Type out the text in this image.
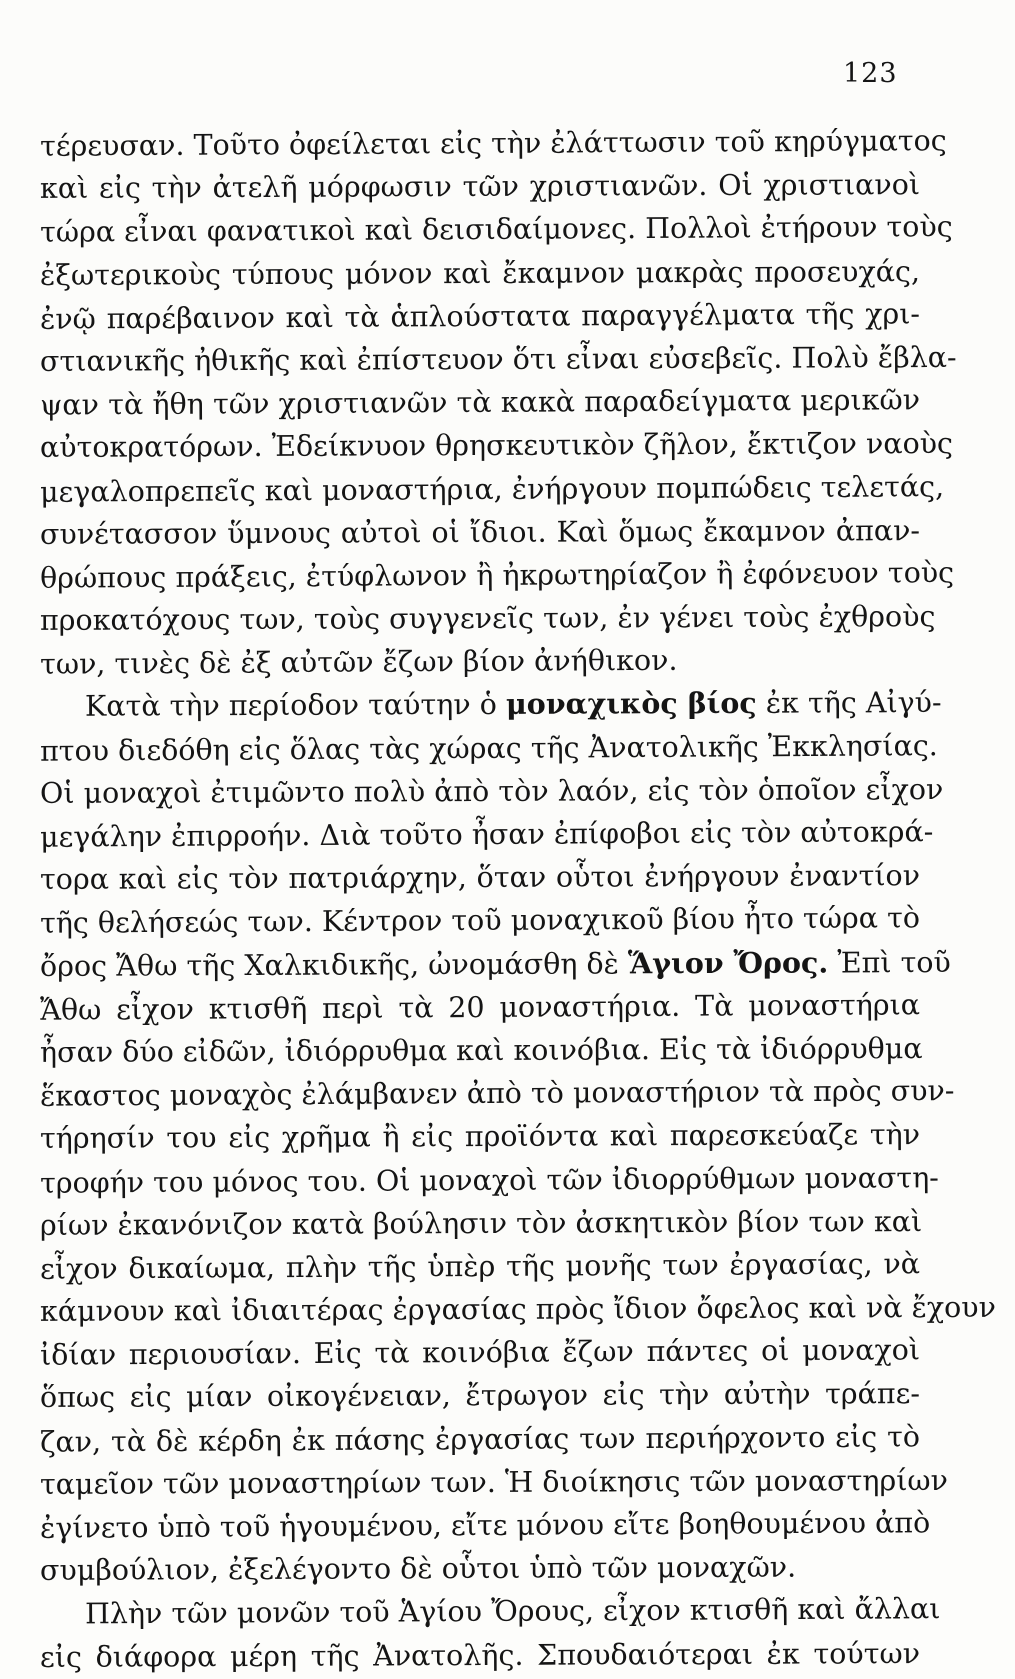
123
τέρευσαν. Τοῦτο ὀφείλεται εἰς τὴν ἐλάττωσιν τοῦ κηρύγματος
καὶ εἰς τὴν ἀτελῆ μόρφωσιν τῶν χριστιανῶν. Οἱ χριστιανοὶ
τώρα εἶναι φανατικοὶ καὶ δεισιδαίμονες. Πολλοὶ ἐτήρουν τοὺς
ἐξωτερικοὺς τύπους μόνον καὶ ἔκαμνον μακρὰς προσευχάς,
ἐνῷ παρέβαινον καὶ τὰ ἁπλούστατα παραγγέλματα τῆς χρι-
στιανικῆς ἠθικῆς καὶ ἐπίστευον ὅτι εἶναι εὐσεβεῖς. Πολὺ ἔβλα-
ψαν τὰ ἤθη τῶν χριστιανῶν τὰ κακὰ παραδείγματα μερικῶν
αὐτοκρατόρων. Ἐδείκνυον θρησκευτικὸν ζῆλον, ἔκτιζον ναοὺς
μεγαλοπρεπεῖς καὶ μοναστήρια, ἐνήργουν πομπώδεις τελετάς,
συνέτασσον ὕμνους αὐτοὶ οἱ ἴδιοι. Καὶ ὅμως ἔκαμνον ἀπαν-
θρώπους πράξεις, ἐτύφλωνον ἢ ἠκρωτηρίαζον ἢ ἐφόνευον τοὺς
προκατόχους των, τοὺς συγγενεῖς των, ἐν γένει τοὺς ἐχθροὺς
των, τινὲς δὲ ἐξ αὐτῶν ἔζων βίον ἀνήθικον.
Κατὰ τὴν περίοδον ταύτην ὁ μοναχικὸς βίος ἐκ τῆς Αἰγύ-
πτου διεδόθη εἰς ὅλας τὰς χώρας τῆς Ἀνατολικῆς Ἐκκλησίας.
Οἱ μοναχοὶ ἐτιμῶντο πολὺ ἀπὸ τὸν λαόν, εἰς τὸν ὁποῖον εἶχον
μεγάλην ἐπιρροήν. Διὰ τοῦτο ἦσαν ἐπίφοβοι εἰς τὸν αὐτοκρά-
τορα καὶ εἰς τὸν πατριάρχην, ὅταν οὗτοι ἐνήργουν ἐναντίον
τῆς θελήσεώς των. Κέντρον τοῦ μοναχικοῦ βίου ἦτο τώρα τὸ
ὄρος Ἄθω τῆς Χαλκιδικῆς, ὠνομάσθη δὲ Ἅγιον Ὄρος. Ἐπὶ τοῦ
Ἄθω εἶχον κτισθῆ περὶ τὰ 20 μοναστήρια. Τὰ μοναστήρια
ἦσαν δύο εἰδῶν, ἰδιόρρυθμα καὶ κοινόβια. Εἰς τὰ ἰδιόρρυθμα
ἕκαστος μοναχὸς ἐλάμβανεν ἀπὸ τὸ μοναστήριον τὰ πρὸς συν-
τήρησίν του εἰς χρῆμα ἢ εἰς προϊόντα καὶ παρεσκεύαζε τὴν
τροφήν του μόνος του. Οἱ μοναχοὶ τῶν ἰδιορρύθμων μοναστη-
ρίων ἐκανόνιζον κατὰ βούλησιν τὸν ἀσκητικὸν βίον των καὶ
εἶχον δικαίωμα, πλὴν τῆς ὑπὲρ τῆς μονῆς των ἐργασίας, νὰ
κάμνουν καὶ ἰδιαιτέρας ἐργασίας πρὸς ἴδιον ὄφελος καὶ νὰ ἔχουν
ἰδίαν περιουσίαν. Εἰς τὰ κοινόβια ἔζων πάντες οἱ μοναχοὶ
ὅπως εἰς μίαν οἰκογένειαν, ἔτρωγον εἰς τὴν αὐτὴν τράπε-
ζαν, τὰ δὲ κέρδη ἐκ πάσης ἐργασίας των περιήρχοντο εἰς τὸ
ταμεῖον τῶν μοναστηρίων των. Ἡ διοίκησις τῶν μοναστηρίων
ἐγίνετο ὑπὸ τοῦ ἡγουμένου, εἴτε μόνου εἴτε βοηθουμένου ἀπὸ
συμβούλιον, ἐξελέγοντο δὲ οὗτοι ὑπὸ τῶν μοναχῶν.
Πλὴν τῶν μονῶν τοῦ Ἁγίου Ὄρους, εἶχον κτισθῆ καὶ ἄλλαι
εἰς διάφορα μέρη τῆς Ἀνατολῆς. Σπουδαιότεραι ἐκ τούτων
